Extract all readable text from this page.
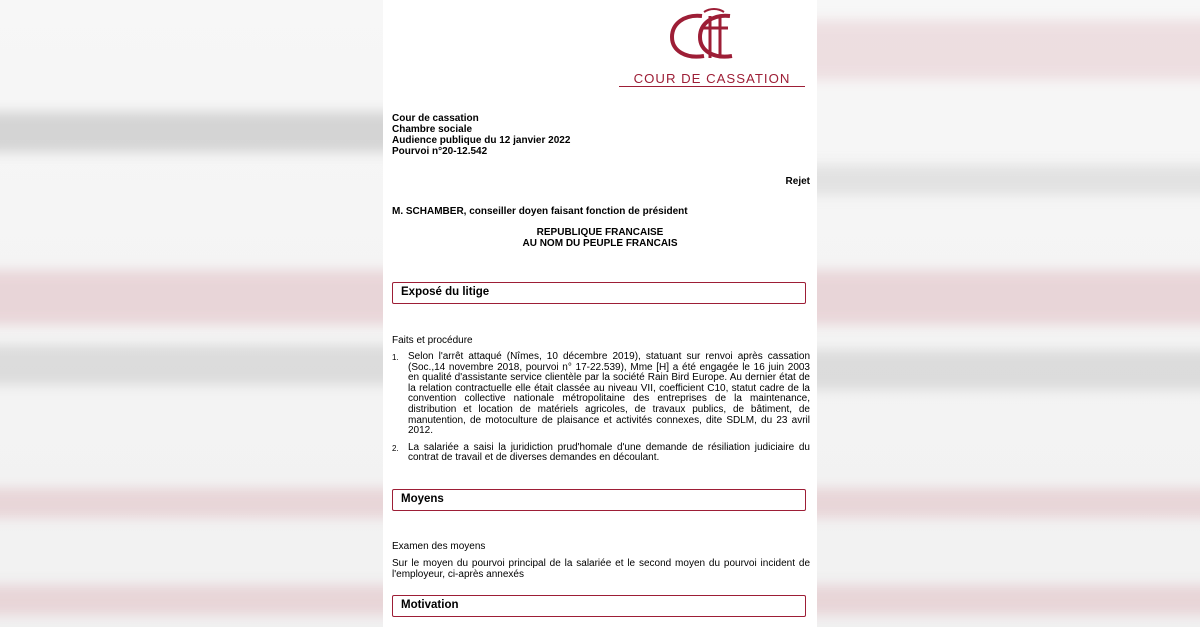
COUR DE CASSATION
Cour de cassation
Chambre sociale
Audience publique du 12 janvier 2022
Pourvoi n°20-12.542
Rejet
M. SCHAMBER, conseiller doyen faisant fonction de président
REPUBLIQUE FRANCAISE
AU NOM DU PEUPLE FRANCAIS
Exposé du litige
Faits et procédure
1. Selon l'arrêt attaqué (Nîmes, 10 décembre 2019), statuant sur renvoi après cassation (Soc.,14 novembre 2018, pourvoi n° 17-22.539), Mme [H] a été engagée le 16 juin 2003 en qualité d'assistante service clientèle par la société Rain Bird Europe. Au dernier état de la relation contractuelle elle était classée au niveau VII, coefficient C10, statut cadre de la convention collective nationale métropolitaine des entreprises de la maintenance, distribution et location de matériels agricoles, de travaux publics, de bâtiment, de manutention, de motoculture de plaisance et activités connexes, dite SDLM, du 23 avril 2012.
2. La salariée a saisi la juridiction prud'homale d'une demande de résiliation judiciaire du contrat de travail et de diverses demandes en découlant.
Moyens
Examen des moyens
Sur le moyen du pourvoi principal de la salariée et le second moyen du pourvoi incident de l'employeur, ci-après annexés
Motivation
